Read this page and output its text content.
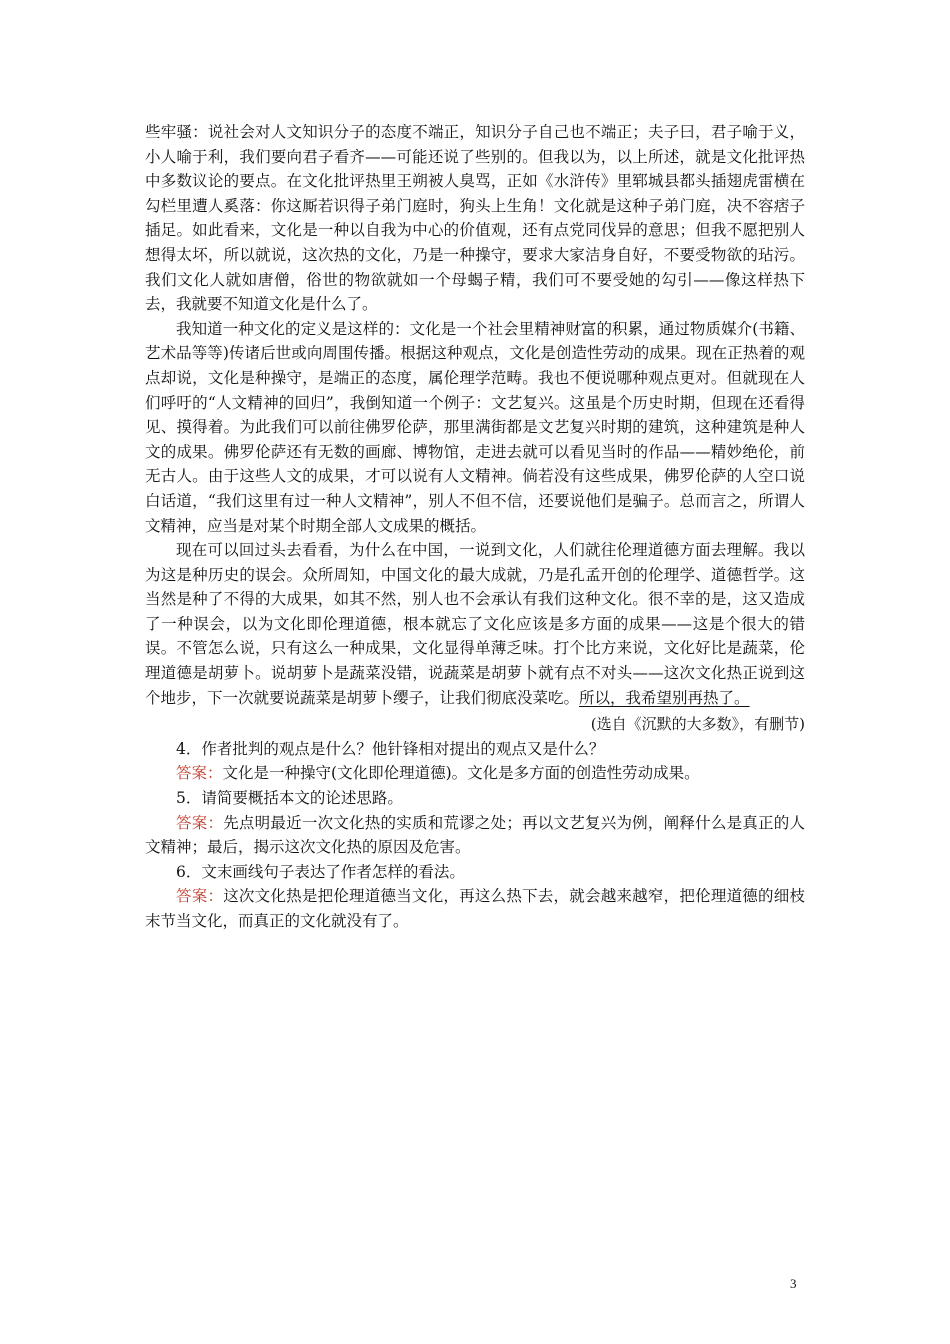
些牢骚：说社会对人文知识分子的态度不端正，知识分子自己也不端正；夫子曰，君子喻于义，小人喻于利，我们要向君子看齐——可能还说了些别的。但我以为，以上所述，就是文化批评热中多数议论的要点。在文化批评热里王朔被人臭骂，正如《水浒传》里郓城县都头插翅虎雷横在勾栏里遭人奚落：你这厮若识得子弟门庭时，狗头上生角！文化就是这种子弟门庭，决不容痞子插足。如此看来，文化是一种以自我为中心的价值观，还有点党同伐异的意思；但我不愿把别人想得太坏，所以就说，这次热的文化，乃是一种操守，要求大家洁身自好，不要受物欲的玷污。我们文化人就如唐僧，俗世的物欲就如一个母蝎子精，我们可不要受她的勾引——像这样热下去，我就要不知道文化是什么了。

我知道一种文化的定义是这样的：文化是一个社会里精神财富的积累，通过物质媒介(书籍、艺术品等等)传诸后世或向周围传播。根据这种观点，文化是创造性劳动的成果。现在正热着的观点却说，文化是种操守，是端正的态度，属伦理学范畴。我也不便说哪种观点更对。但就现在人们呼吁的“人文精神的回归”，我倒知道一个例子：文艺复兴。这虽是个历史时期，但现在还看得见、摸得着。为此我们可以前往佛罗伦萨，那里满街都是文艺复兴时期的建筑，这种建筑是种人文的成果。佛罗伦萨还有无数的画廊、博物馆，走进去就可以看见当时的作品——精妙绝伦，前无古人。由于这些人文的成果，才可以说有人文精神。倘若没有这些成果，佛罗伦萨的人空口说白话道，“我们这里有过一种人文精神”，别人不但不信，还要说他们是骗子。总而言之，所谓人文精神，应当是对某个时期全部人文成果的概括。

现在可以回过头去看看，为什么在中国，一说到文化，人们就往伦理道德方面去理解。我以为这是种历史的误会。众所周知，中国文化的最大成就，乃是孔孟开创的伦理学、道德哲学。这当然是种了不得的大成果，如其不然，别人也不会承认有我们这种文化。很不幸的是，这又造成了一种误会，以为文化即伦理道德，根本就忘了文化应该是多方面的成果——这是个很大的错误。不管怎么说，只有这么一种成果，文化显得单薄乏味。打个比方来说，文化好比是蔬菜，伦理道德是胡萝卜。说胡萝卜是蔬菜没错，说蔬菜是胡萝卜就有点不对头——这次文化热正说到这个地步，下一次就要说蔬菜是胡萝卜缨子，让我们彻底没菜吃。所以，我希望别再热了。

(选自《沉默的大多数》，有删节)

4．作者批判的观点是什么？他针锋相对提出的观点又是什么？

答案：文化是一种操守(文化即伦理道德)。文化是多方面的创造性劳动成果。

5．请简要概括本文的论述思路。

答案：先点明最近一次文化热的实质和荒谬之处；再以文艺复兴为例，阐释什么是真正的人文精神；最后，揭示这次文化热的原因及危害。

6．文末画线句子表达了作者怎样的看法。

答案：这次文化热是把伦理道德当文化，再这么热下去，就会越来越窄，把伦理道德的细枝末节当文化，而真正的文化就没有了。

3
